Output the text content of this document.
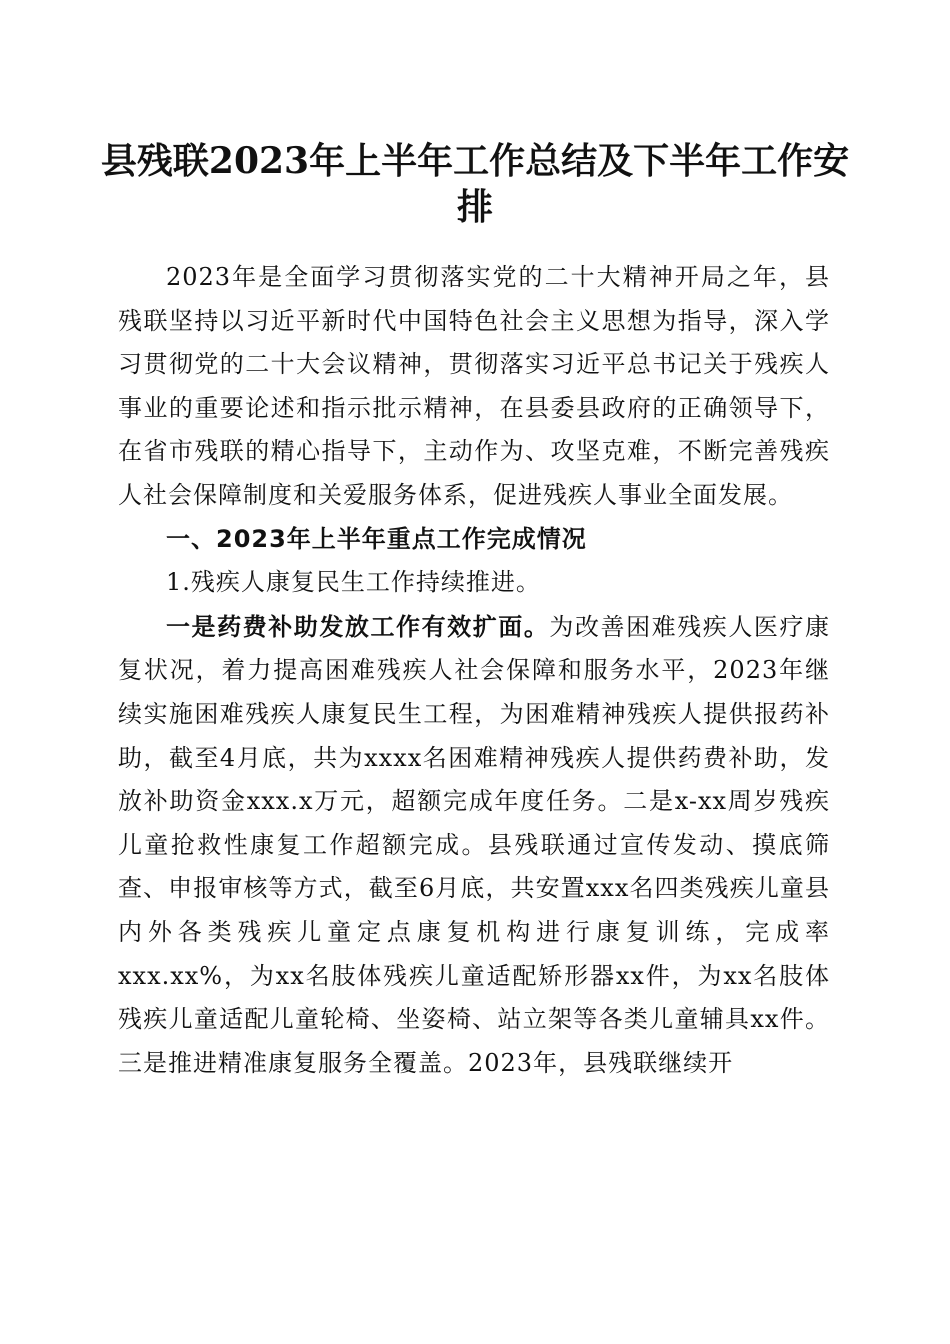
县残联2023年上半年工作总结及下半年工作安排

2023年是全面学习贯彻落实党的二十大精神开局之年，县残联坚持以习近平新时代中国特色社会主义思想为指导，深入学习贯彻党的二十大会议精神，贯彻落实习近平总书记关于残疾人事业的重要论述和指示批示精神，在县委县政府的正确领导下，在省市残联的精心指导下，主动作为、攻坚克难，不断完善残疾人社会保障制度和关爱服务体系，促进残疾人事业全面发展。

一、2023年上半年重点工作完成情况

1.残疾人康复民生工作持续推进。

一是药费补助发放工作有效扩面。为改善困难残疾人医疗康复状况，着力提高困难残疾人社会保障和服务水平，2023年继续实施困难残疾人康复民生工程，为困难精神残疾人提供报药补助，截至4月底，共为xxxx名困难精神残疾人提供药费补助，发放补助资金xxx.x万元，超额完成年度任务。二是x-xx周岁残疾儿童抢救性康复工作超额完成。县残联通过宣传发动、摸底筛查、申报审核等方式，截至6月底，共安置xxx名四类残疾儿童县内外各类残疾儿童定点康复机构进行康复训练，完成率xxx.xx%，为xx名肢体残疾儿童适配矫形器xx件，为xx名肢体残疾儿童适配儿童轮椅、坐姿椅、站立架等各类儿童辅具xx件。三是推进精准康复服务全覆盖。2023年，县残联继续开
